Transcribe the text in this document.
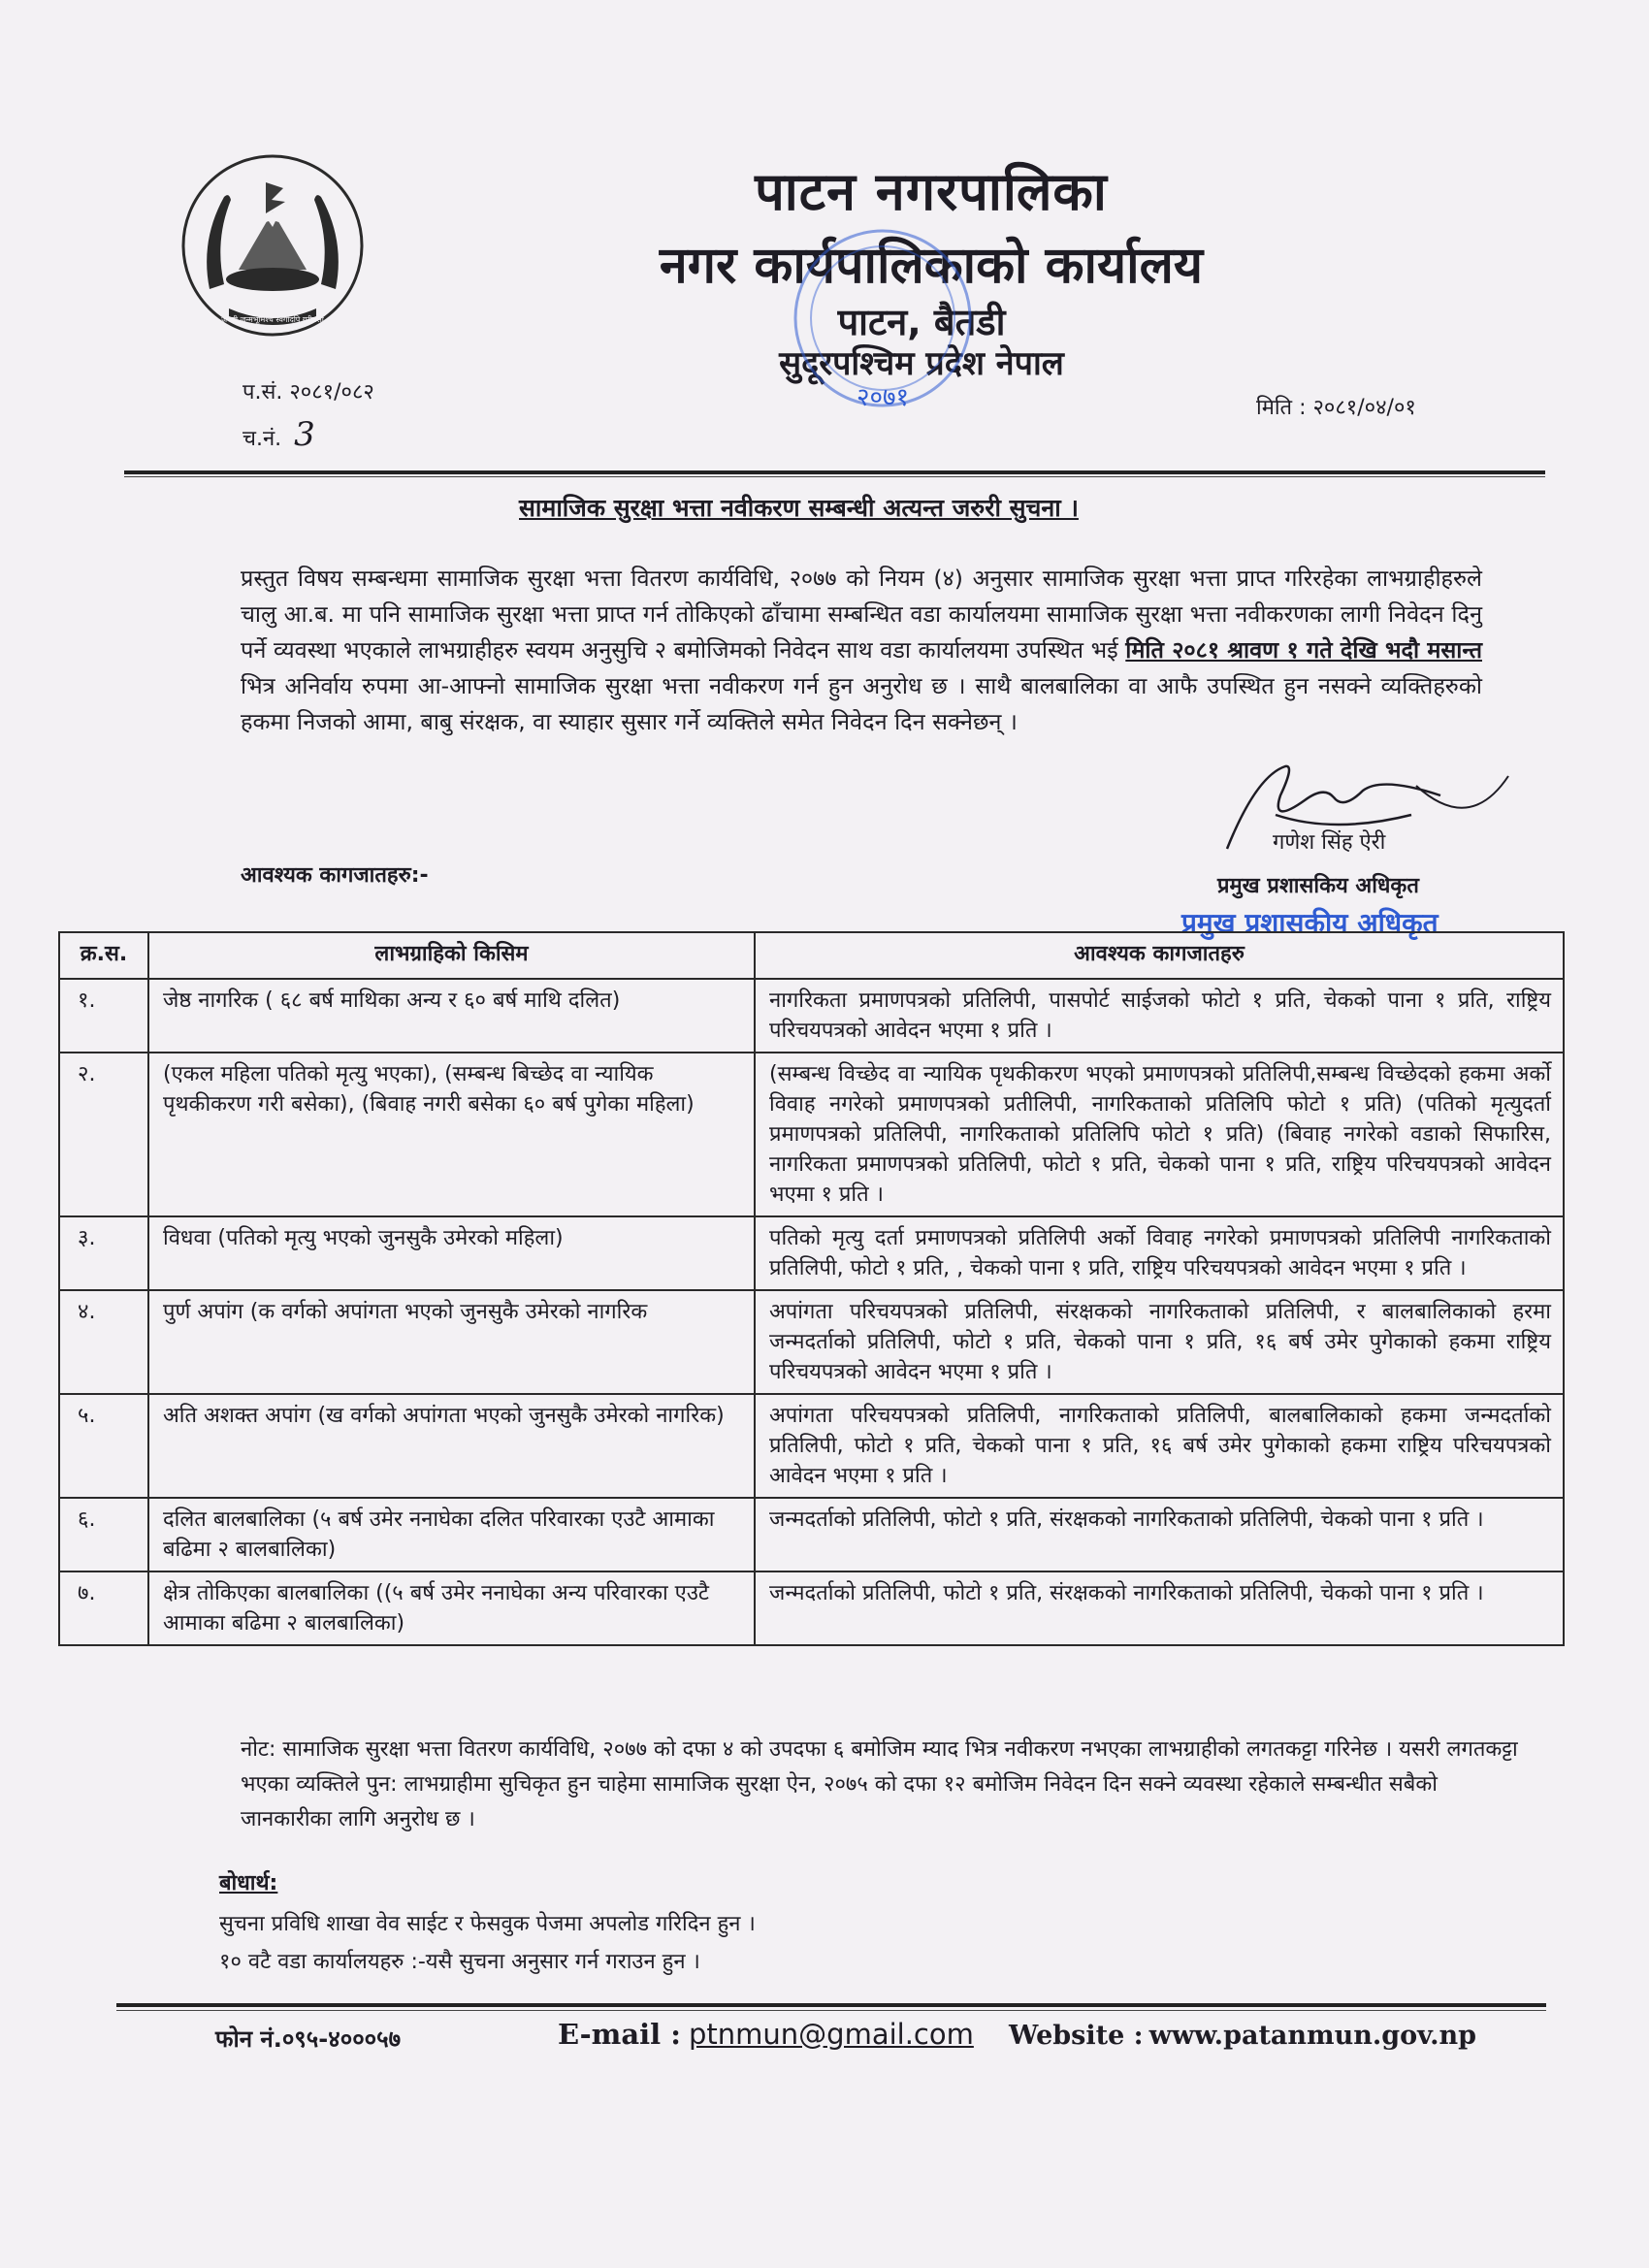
जननी जन्मभूमिश्च स्वर्गादपि गरीयसी
पाटन नगरपालिका
नगर कार्यपालिकाको कार्यालय
पाटन, बैतडी
सुदूरपश्चिम प्रदेश नेपाल
२०७१
प.सं. २०८१/०८२
च.नं. 3
मिति : २०८१/०४/०१
सामाजिक सुरक्षा भत्ता नवीकरण सम्बन्धी अत्यन्त जरुरी सुचना ।
प्रस्तुत विषय सम्बन्धमा सामाजिक सुरक्षा भत्ता वितरण कार्यविधि, २०७७ को नियम (४) अनुसार सामाजिक सुरक्षा भत्ता प्राप्त गरिरहेका लाभग्राहीहरुले चालु आ.ब. मा पनि सामाजिक सुरक्षा भत्ता प्राप्त गर्न तोकिएको ढाँचामा सम्बन्धित वडा कार्यालयमा सामाजिक सुरक्षा भत्ता नवीकरणका लागी निवेदन दिनु पर्ने व्यवस्था भएकाले लाभग्राहीहरु स्वयम अनुसुचि २ बमोजिमको निवेदन साथ वडा कार्यालयमा उपस्थित भई मिति २०८१ श्रावण १ गते देखि भदौ मसान्त भित्र अनिर्वाय रुपमा आ-आफ्नो सामाजिक सुरक्षा भत्ता नवीकरण गर्न हुन अनुरोध छ । साथै बालबालिका वा आफै उपस्थित हुन नसक्ने व्यक्तिहरुको हकमा निजको आमा, बाबु संरक्षक, वा स्याहार सुसार गर्ने व्यक्तिले समेत निवेदन दिन सक्नेछन् ।
गणेश सिंह ऐरी
प्रमुख प्रशासकिय अधिकृत
प्रमुख प्रशासकीय अधिकृत
आवश्यक कागजातहरु:-
क्र.स.	लाभग्राहिको किसिम	आवश्यक कागजातहरु
१.	जेष्ठ नागरिक ( ६८ बर्ष माथिका अन्य र ६० बर्ष माथि दलित)	नागरिकता प्रमाणपत्रको प्रतिलिपी, पासपोर्ट साईजको फोटो १ प्रति, चेकको पाना १ प्रति, राष्ट्रिय परिचयपत्रको आवेदन भएमा १ प्रति ।
२.	(एकल महिला पतिको मृत्यु भएका), (सम्बन्ध बिच्छेद वा न्यायिक पृथकीकरण गरी बसेका), (बिवाह नगरी बसेका ६० बर्ष पुगेका महिला)	(सम्बन्ध विच्छेद वा न्यायिक पृथकीकरण भएको प्रमाणपत्रको प्रतिलिपी,सम्बन्ध विच्छेदको हकमा अर्को विवाह नगरेको प्रमाणपत्रको प्रतीलिपी, नागरिकताको प्रतिलिपि फोटो १ प्रति) (पतिको मृत्युदर्ता प्रमाणपत्रको प्रतिलिपी, नागरिकताको प्रतिलिपि फोटो १ प्रति) (बिवाह नगरेको वडाको सिफारिस, नागरिकता प्रमाणपत्रको प्रतिलिपी, फोटो १ प्रति, चेकको पाना १ प्रति, राष्ट्रिय परिचयपत्रको आवेदन भएमा १ प्रति ।
३.	विधवा (पतिको मृत्यु भएको जुनसुकै उमेरको महिला)	पतिको मृत्यु दर्ता प्रमाणपत्रको प्रतिलिपी अर्को विवाह नगरेको प्रमाणपत्रको प्रतिलिपी नागरिकताको प्रतिलिपी, फोटो १ प्रति, , चेकको पाना १ प्रति, राष्ट्रिय परिचयपत्रको आवेदन भएमा १ प्रति ।
४.	पुर्ण अपांग (क वर्गको अपांगता भएको जुनसुकै उमेरको नागरिक	अपांगता परिचयपत्रको प्रतिलिपी, संरक्षकको नागरिकताको प्रतिलिपी, र बालबालिकाको हरमा जन्मदर्ताको प्रतिलिपी, फोटो १ प्रति, चेकको पाना १ प्रति, १६ बर्ष उमेर पुगेकाको हकमा राष्ट्रिय परिचयपत्रको आवेदन भएमा १ प्रति ।
५.	अति अशक्त अपांग (ख वर्गको अपांगता भएको जुनसुकै उमेरको नागरिक)	अपांगता परिचयपत्रको प्रतिलिपी, नागरिकताको प्रतिलिपी, बालबालिकाको हकमा जन्मदर्ताको प्रतिलिपी, फोटो १ प्रति, चेकको पाना १ प्रति, १६ बर्ष उमेर पुगेकाको हकमा राष्ट्रिय परिचयपत्रको आवेदन भएमा १ प्रति ।
६.	दलित बालबालिका (५ बर्ष उमेर ननाघेका दलित परिवारका एउटै आमाका बढिमा २ बालबालिका)	जन्मदर्ताको प्रतिलिपी, फोटो १ प्रति, संरक्षकको नागरिकताको प्रतिलिपी, चेकको पाना १ प्रति ।
७.	क्षेत्र तोकिएका बालबालिका ((५ बर्ष उमेर ननाघेका अन्य परिवारका एउटै आमाका बढिमा २ बालबालिका)	जन्मदर्ताको प्रतिलिपी, फोटो १ प्रति, संरक्षकको नागरिकताको प्रतिलिपी, चेकको पाना १ प्रति ।
नोट: सामाजिक सुरक्षा भत्ता वितरण कार्यविधि, २०७७ को दफा ४ को उपदफा ६ बमोजिम म्याद भित्र नवीकरण नभएका लाभग्राहीको लगतकट्टा गरिनेछ । यसरी लगतकट्टा भएका व्यक्तिले पुन: लाभग्राहीमा सुचिकृत हुन चाहेमा सामाजिक सुरक्षा ऐन, २०७५ को दफा १२ बमोजिम निवेदन दिन सक्ने व्यवस्था रहेकाले सम्बन्धीत सबैको जानकारीका लागि अनुरोध छ ।
बोधार्थ:
सुचना प्रविधि शाखा वेव साईट र फेसवुक पेजमा अपलोड गरिदिन हुन ।
१० वटै वडा कार्यालयहरु :-यसै सुचना अनुसार गर्न गराउन हुन ।
फोन नं.०९५-४०००५७	E-mail : ptnmun@gmail.com Website : www.patanmun.gov.np
